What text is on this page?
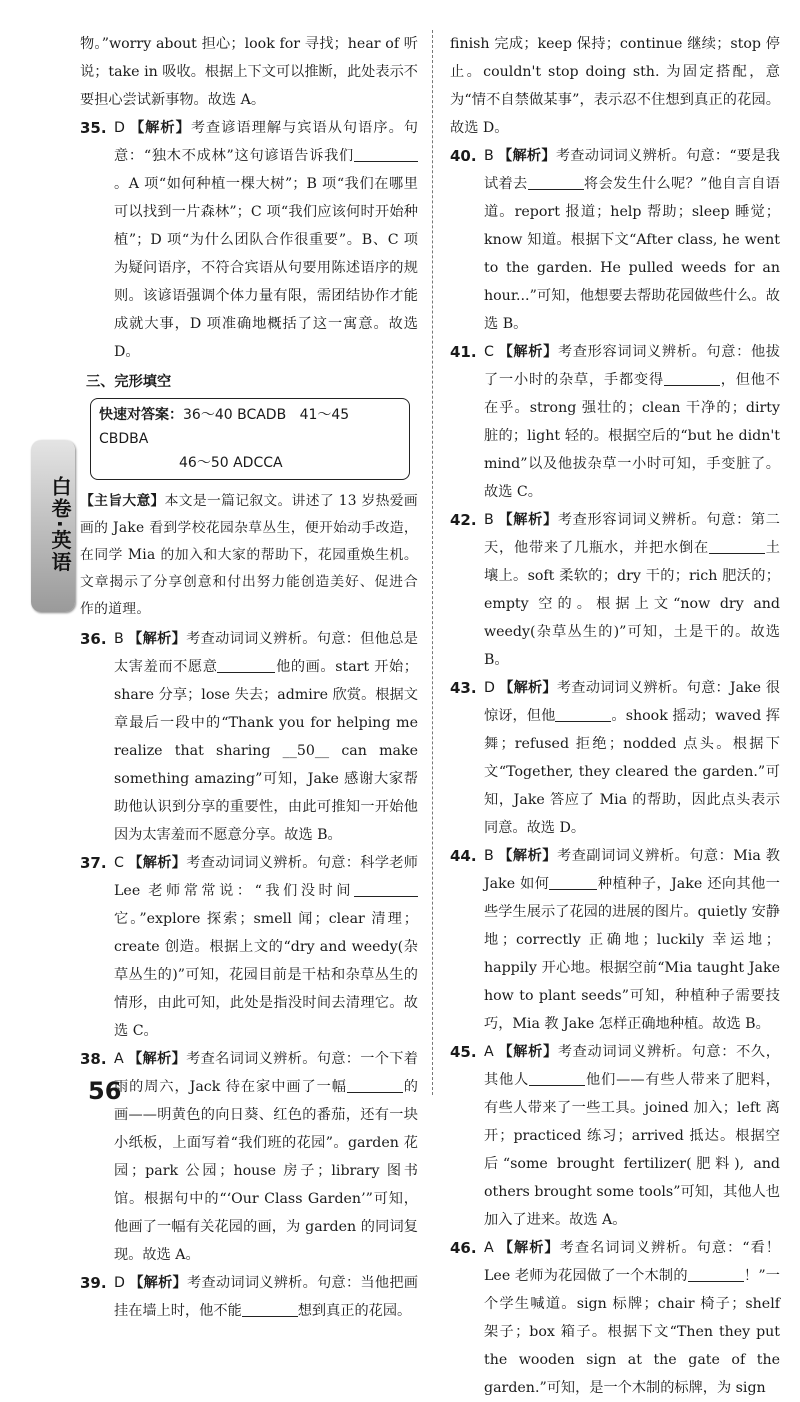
白卷·英语

物。”worry about 担心；look for 寻找；hear of 听说；take in 吸收。根据上下文可以推断，此处表示不要担心尝试新事物。故选 A。

35. D 【解析】考查谚语理解与宾语从句语序。句意：“独木不成林”这句谚语告诉我们。A 项“如何种植一棵大树”；B 项“我们在哪里可以找到一片森林”；C 项“我们应该何时开始种植”；D 项“为什么团队合作很重要”。B、C 项为疑问语序，不符合宾语从句要用陈述语序的规则。该谚语强调个体力量有限，需团结协作才能成就大事，D 项准确地概括了这一寓意。故选 D。
三、完形填空
快速对答案：36～40 BCADB 41～45 CBDBA
46～50 ADCCA

【主旨大意】本文是一篇记叙文。讲述了 13 岁热爱画画的 Jake 看到学校花园杂草丛生，便开始动手改造，在同学 Mia 的加入和大家的帮助下，花园重焕生机。文章揭示了分享创意和付出努力能创造美好、促进合作的道理。

36. B 【解析】考查动词词义辨析。句意：但他总是太害羞而不愿意	他的画。start 开始；share 分享；lose 失去；admire 欣赏。根据文章最后一段中的“Thank you for helping me realize that sharing __50__ can make something amazing”可知，Jake 感谢大家帮助他认识到分享的重要性，由此可推知一开始他因为太害羞而不愿意分享。故选 B。
37. C 【解析】考查动词词义辨析。句意：科学老师 Lee 老师常常说：“我们没时间它。”explore 探索；smell 闻；clear 清理；create 创造。根据上文的“dry and weedy(杂草丛生的)”可知，花园目前是干枯和杂草丛生的情形，由此可知，此处是指没时间去清理它。故选 C。
38. A 【解析】考查名词词义辨析。句意：一个下着雨的周六，Jack 待在家中画了一幅	的画——明黄色的向日葵、红色的番茄，还有一块小纸板，上面写着“我们班的花园”。garden 花园；park 公园；house 房子；library 图书馆。根据句中的“‘Our Class Garden’”可知，他画了一幅有关花园的画，为 garden 的同词复现。故选 A。
39. D 【解析】考查动词词义辨析。句意：当他把画挂在墙上时，他不能	想到真正的花园。

finish 完成；keep 保持；continue 继续；stop 停止。couldn't stop doing sth. 为固定搭配，意为“情不自禁做某事”，表示忍不住想到真正的花园。故选 D。

40. B 【解析】考查动词词义辨析。句意：“要是我试着去	将会发生什么呢？”他自言自语道。report 报道；help 帮助；sleep 睡觉；know 知道。根据下文“After class, he went to the garden. He pulled weeds for an hour...”可知，他想要去帮助花园做些什么。故选 B。
41. C 【解析】考查形容词词义辨析。句意：他拔了一小时的杂草，手都变得	，但他不在乎。strong 强壮的；clean 干净的；dirty 脏的；light 轻的。根据空后的“but he didn't mind”以及他拔杂草一小时可知，手变脏了。故选 C。
42. B 【解析】考查形容词词义辨析。句意：第二天，他带来了几瓶水，并把水倒在	土壤上。soft 柔软的；dry 干的；rich 肥沃的；empty 空的。根据上文“now dry and weedy(杂草丛生的)”可知，土是干的。故选 B。
43. D 【解析】考查动词词义辨析。句意：Jake 很惊讶，但他	。shook 摇动；waved 挥舞；refused 拒绝；nodded 点头。根据下文“Together, they cleared the garden.”可知，Jake 答应了 Mia 的帮助，因此点头表示同意。故选 D。
44. B 【解析】考查副词词义辨析。句意：Mia 教 Jake 如何	种植种子，Jake 还向其他一些学生展示了花园的进展的图片。quietly 安静地；correctly 正确地；luckily 幸运地；happily 开心地。根据空前“Mia taught Jake how to plant seeds”可知，种植种子需要技巧，Mia 教 Jake 怎样正确地种植。故选 B。
45. A 【解析】考查动词词义辨析。句意：不久，其他人	他们——有些人带来了肥料，有些人带来了一些工具。joined 加入；left 离开；practiced 练习；arrived 抵达。根据空后“some brought fertilizer(肥料), and others brought some tools”可知，其他人也加入了进来。故选 A。
46. A 【解析】考查名词词义辨析。句意：“看！Lee 老师为花园做了一个木制的	！”一个学生喊道。sign 标牌；chair 椅子；shelf 架子；box 箱子。根据下文“Then they put the wooden sign at the gate of the garden.”可知，是一个木制的标牌，为 sign
56
